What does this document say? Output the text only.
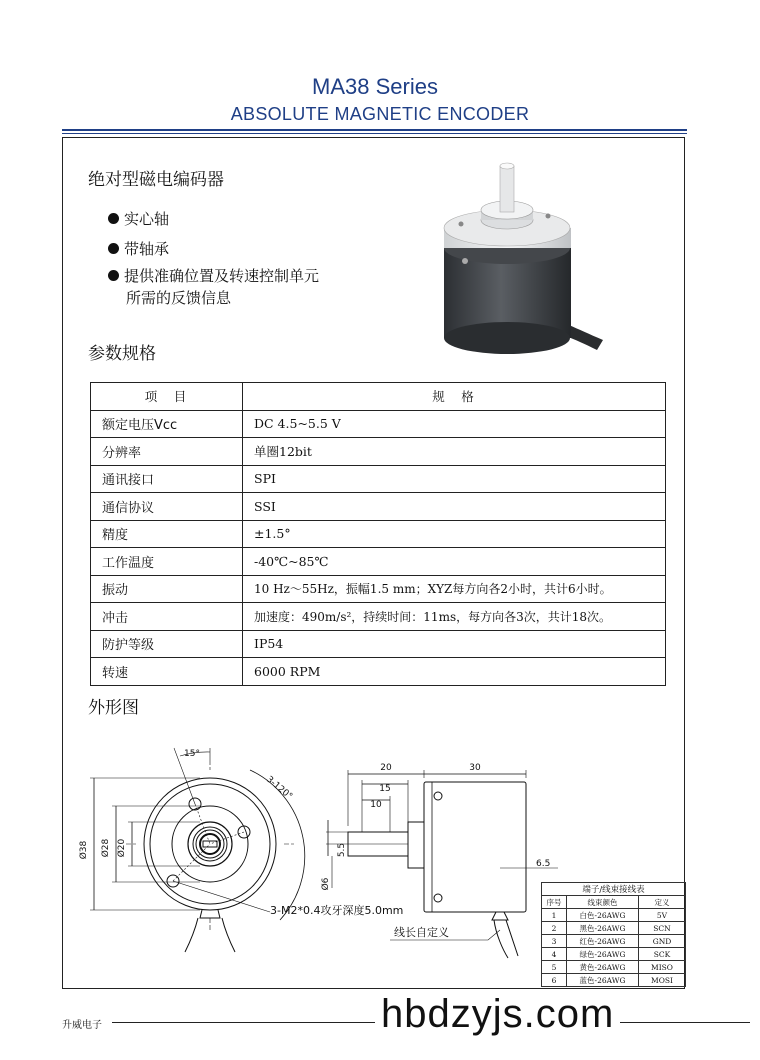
MA38 Series
ABSOLUTE MAGNETIC ENCODER
绝对型磁电编码器
实心轴
带轴承
提供准确位置及转速控制单元
所需的反馈信息
参数规格
项　目	规　格
额定电压Vcc	DC 4.5~5.5 V
分辨率	单圈12bit
通讯接口	SPI
通信协议	SSI
精度	±1.5°
工作温度	-40℃~85℃
振动	10 Hz～55Hz，振幅1.5 mm；XYZ每方向各2小时，共计6小时。
冲击	加速度：490m/s²，持续时间：11ms，每方向各3次，共计18次。
防护等级	IP54
转速	6000 RPM
外形图
Ø38 Ø28 Ø20
15°
3-120°
3-M2*0.4攻牙深度5.0mm
20	30
15
10
5.5
Ø6
6.5
线长自定义
端子/线束接线表		
序号	线束颜色	定义
1	白色-26AWG	5V
2	黑色-26AWG	SCN
3	红色-26AWG	GND
4	绿色-26AWG	SCK
5	黄色-26AWG	MISO
6	蓝色-26AWG	MOSI
升威电子	hbdzyjs.com
